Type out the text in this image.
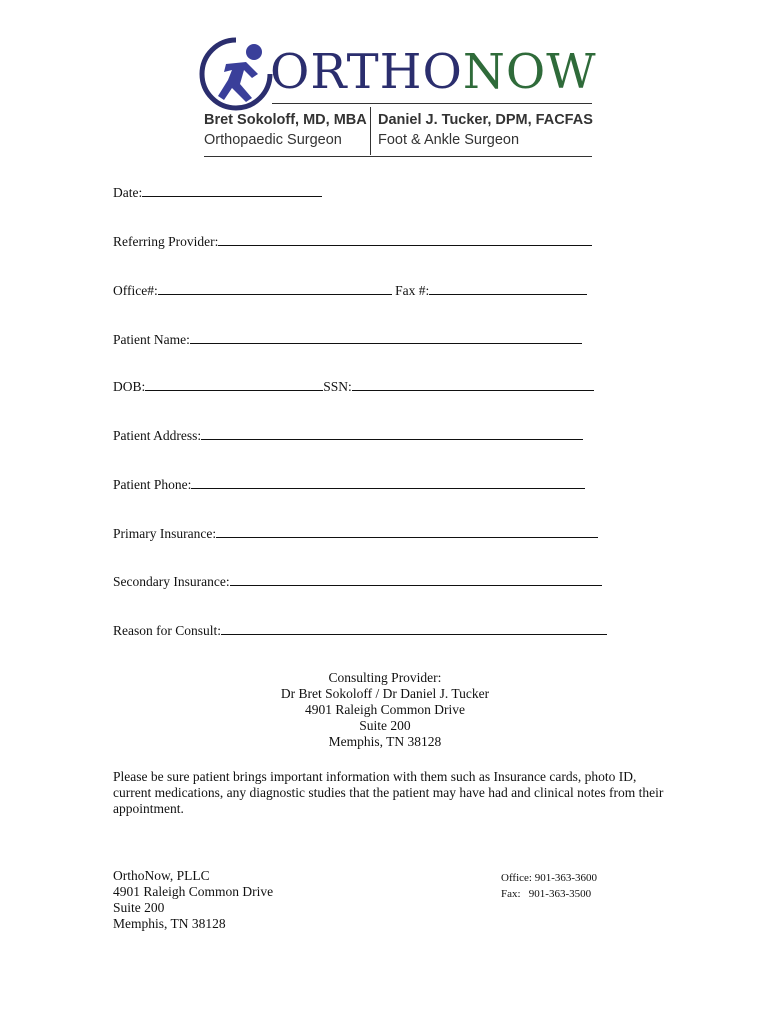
ORTHONOW
Bret Sokoloff, MD, MBA
Orthopaedic Surgeon
Daniel J. Tucker, DPM, FACFAS
Foot & Ankle Surgeon
Date:
Referring Provider:
Office#:	Fax #:
Patient Name:
DOB:	SSN:
Patient Address:
Patient Phone:
Primary Insurance:
Secondary Insurance:
Reason for Consult:
Consulting Provider:
Dr Bret Sokoloff / Dr Daniel J. Tucker
4901 Raleigh Common Drive
Suite 200
Memphis, TN 38128
Please be sure patient brings important information with them such as Insurance cards, photo ID, current medications, any diagnostic studies that the patient may have had and clinical notes from their appointment.
OrthoNow, PLLC
4901 Raleigh Common Drive
Suite 200
Memphis, TN 38128
Office: 901-363-3600
Fax:   901-363-3500
